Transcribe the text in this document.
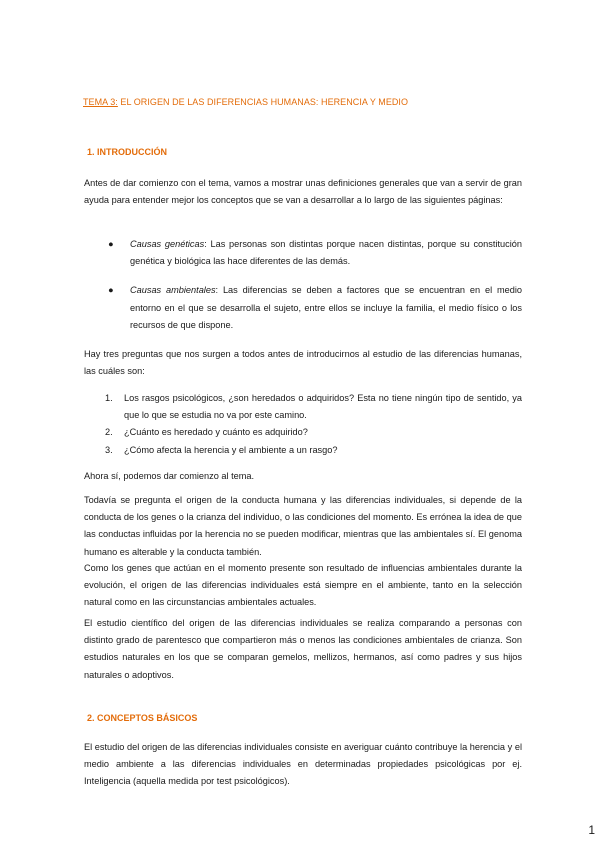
TEMA 3: EL ORIGEN DE LAS DIFERENCIAS HUMANAS: HERENCIA Y MEDIO
1. INTRODUCCIÓN

Antes de dar comienzo con el tema, vamos a mostrar unas definiciones generales que van a servir de gran ayuda para entender mejor los conceptos que se van a desarrollar a lo largo de las siguientes páginas:

● Causas genéticas: Las personas son distintas porque nacen distintas, porque su constitución genética y biológica las hace diferentes de las demás.
● Causas ambientales: Las diferencias se deben a factores que se encuentran en el medio entorno en el que se desarrolla el sujeto, entre ellos se incluye la familia, el medio físico o los recursos de que dispone.

Hay tres preguntas que nos surgen a todos antes de introducirnos al estudio de las diferencias humanas, las cuáles son:

1. Los rasgos psicológicos, ¿son heredados o adquiridos? Esta no tiene ningún tipo de sentido, ya que lo que se estudia no va por este camino.
2. ¿Cuánto es heredado y cuánto es adquirido?
3. ¿Cómo afecta la herencia y el ambiente a un rasgo?

Ahora sí, podemos dar comienzo al tema.

Todavía se pregunta el origen de la conducta humana y las diferencias individuales, si depende de la conducta de los genes o la crianza del individuo, o las condiciones del momento. Es errónea la idea de que las conductas influidas por la herencia no se pueden modificar, mientras que las ambientales sí. El genoma humano es alterable y la conducta también.

Como los genes que actúan en el momento presente son resultado de influencias ambientales durante la evolución, el origen de las diferencias individuales está siempre en el ambiente, tanto en la selección natural como en las circunstancias ambientales actuales.

El estudio científico del origen de las diferencias individuales se realiza comparando a personas con distinto grado de parentesco que compartieron más o menos las condiciones ambientales de crianza. Son estudios naturales en los que se comparan gemelos, mellizos, hermanos, así como padres y sus hijos naturales o adoptivos.

2. CONCEPTOS BÁSICOS

El estudio del origen de las diferencias individuales consiste en averiguar cuánto contribuye la herencia y el medio ambiente a las diferencias individuales en determinadas propiedades psicológicas por ej. Inteligencia (aquella medida por test psicológicos).

1
